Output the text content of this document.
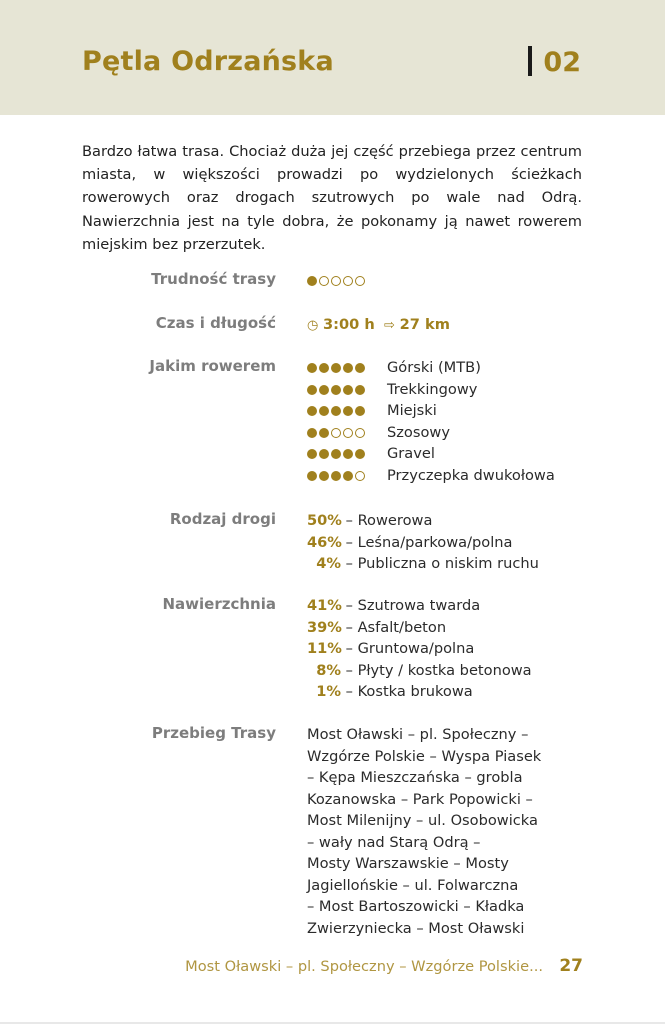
Pętla Odrzańska	02
Bardzo łatwa trasa. Chociaż duża jej część przebiega przez centrum miasta, w większości prowadzi po wydzielonych ścieżkach rowerowych oraz drogach szutrowych po wale nad Odrą. Nawierzchnia jest na tyle dobra, że pokonamy ją nawet rowerem miejskim bez przerzutek.
Trudność trasy
Czas i długość ◷ 3:00 h ⇨ 27 km
Jakim rowerem	Górski (MTB)
Trekkingowy
Miejski
Szosowy
Gravel
Przyczepka dwukołowa
Rodzaj drogi 50% – Rowerowa
46% – Leśna/parkowa/polna
4% – Publiczna o niskim ruchu
Nawierzchnia 41% – Szutrowa twarda
39% – Asfalt/beton
11% – Gruntowa/polna
8% – Płyty / kostka betonowa
1% – Kostka brukowa
Przebieg Trasy Most Oławski – pl. Społeczny –
Wzgórze Polskie – Wyspa Piasek
– Kępa Mieszczańska – grobla
Kozanowska – Park Popowicki –
Most Milenijny – ul. Osobowicka
– wały nad Starą Odrą –
Mosty Warszawskie – Mosty
Jagiellońskie – ul. Folwarczna
– Most Bartoszowicki – Kładka
Zwierzyniecka – Most Oławski
Most Oławski – pl. Społeczny – Wzgórze Polskie... 27
